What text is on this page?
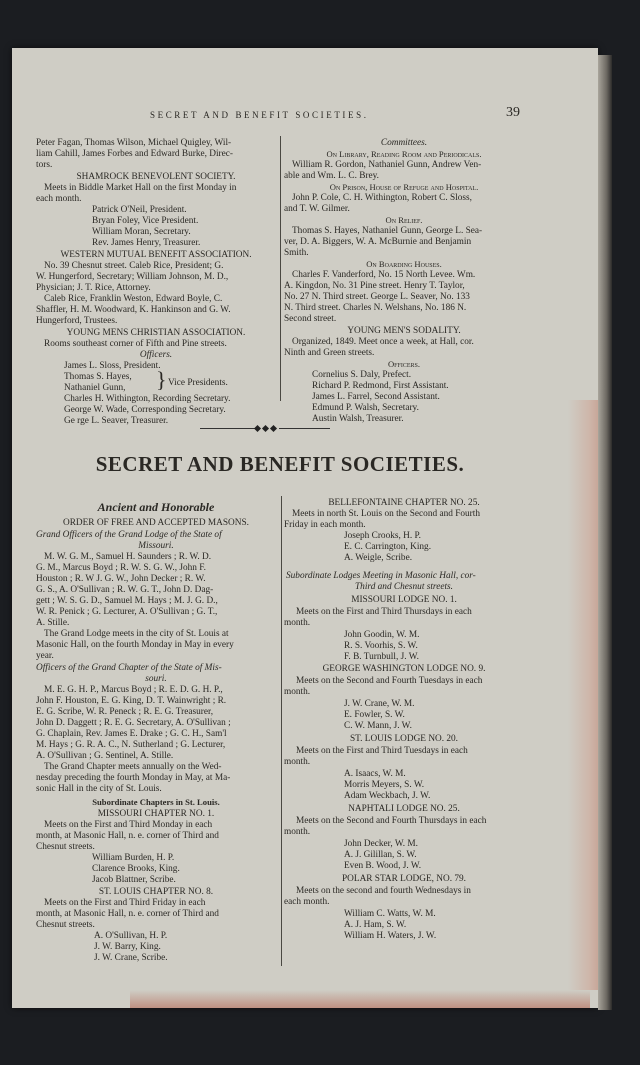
SECRET AND BENEFIT SOCIETIES.	39

Peter Fagan, Thomas Wilson, Michael Quigley, Wil-

liam Cahill, James Forbes and Edward Burke, Direc-

tors.

SHAMROCK BENEVOLENT SOCIETY.

Meets in Biddle Market Hall on the first Monday in

each month.

Patrick O'Neil, President.

Bryan Foley, Vice President.

William Moran, Secretary.

Rev. James Henry, Treasurer.

WESTERN MUTUAL BENEFIT ASSOCIATION.

No. 39 Chesnut street. Caleb Rice, President; G.

W. Hungerford, Secretary; William Johnson, M. D.,

Physician; J. T. Rice, Attorney.

Caleb Rice, Franklin Weston, Edward Boyle, C.

Shaffler, H. M. Woodward, K. Hankinson and G. W.

Hungerford, Trustees.

YOUNG MENS CHRISTIAN ASSOCIATION.

Rooms southeast corner of Fifth and Pine streets.

Officers.

James L. Sloss, President.

Thomas S. Hayes,

Nathaniel Gunn, } Vice Presidents.

Charles H. Withington, Recording Secretary.

George W. Wade, Corresponding Secretary.

Ge rge L. Seaver, Treasurer.

Committees.

On Library, Reading Room and Periodicals.

William R. Gordon, Nathaniel Gunn, Andrew Ven-

able and Wm. L. C. Brey.

On Prison, House of Refuge and Hospital.

John P. Cole, C. H. Withington, Robert C. Sloss,

and T. W. Gilmer.

On Relief.

Thomas S. Hayes, Nathaniel Gunn, George L. Sea-

ver, D. A. Biggers, W. A. McBurnie and Benjamin

Smith.

On Boarding Houses.

Charles F. Vanderford, No. 15 North Levee. Wm.

A. Kingdon, No. 31 Pine street. Henry T. Taylor,

No. 27 N. Third street. George L. Seaver, No. 133

N. Third street. Charles N. Welshans, No. 186 N.

Second street.

YOUNG MEN'S SODALITY.

Organized, 1849. Meet once a week, at Hall, cor.

Ninth and Green streets.

Officers.

Cornelius S. Daly, Prefect.

Richard P. Redmond, First Assistant.

James L. Farrel, Second Assistant.

Edmund P. Walsh, Secretary.

Austin Walsh, Treasurer.

SECRET AND BENEFIT SOCIETIES.

Ancient and Honorable

ORDER OF FREE AND ACCEPTED MASONS.

Grand Officers of the Grand Lodge of the State of

Missouri.

M. W. G. M., Samuel H. Saunders ; R. W. D.

G. M., Marcus Boyd ; R. W. S. G. W., John F.

Houston ; R. W J. G. W., John Decker ; R. W.

G. S., A. O'Sullivan ; R. W. G. T., John D. Dag-

gett ; W. S. G. D., Samuel M. Hays ; M. J. G. D.,

W. R. Penick ; G. Lecturer, A. O'Sullivan ; G. T.,

A. Stille.

The Grand Lodge meets in the city of St. Louis at

Masonic Hall, on the fourth Monday in May in every

year.

Officers of the Grand Chapter of the State of Mis-

souri.

M. E. G. H. P., Marcus Boyd ; R. E. D. G. H. P.,

John F. Houston, E. G. King, D. T. Wainwright ; R.

E. G. Scribe, W. R. Peneck ; R. E. G. Treasurer,

John D. Daggett ; R. E. G. Secretary, A. O'Sullivan ;

G. Chaplain, Rev. James E. Drake ; G. C. H., Sam'l

M. Hays ; G. R. A. C., N. Sutherland ; G. Lecturer,

A. O'Sullivan ; G. Sentinel, A. Stille.

The Grand Chapter meets annually on the Wed-

nesday preceding the fourth Monday in May, at Ma-

sonic Hall in the city of St. Louis.

Subordinate Chapters in St. Louis.

MISSOURI CHAPTER NO. 1.

Meets on the First and Third Monday in each

month, at Masonic Hall, n. e. corner of Third and

Chesnut streets.

William Burden, H. P.

Clarence Brooks, King.

Jacob Blattner, Scribe.

ST. LOUIS CHAPTER NO. 8.

Meets on the First and Third Friday in each

month, at Masonic Hall, n. e. corner of Third and

Chesnut streets.

A. O'Sullivan, H. P.

J. W. Barry, King.

J. W. Crane, Scribe.

BELLEFONTAINE CHAPTER NO. 25.

Meets in north St. Louis on the Second and Fourth

Friday in each month.

Joseph Crooks, H. P.

E. C. Carrington, King.

A. Weigle, Scribe.

Subordinate Lodges Meeting in Masonic Hall, cor-

Third and Chesnut streets.

MISSOURI LODGE NO. 1.

Meets on the First and Third Thursdays in each

month.

John Goodin, W. M.

R. S. Voorhis, S. W.

F. B. Turnbull, J. W.

GEORGE WASHINGTON LODGE NO. 9.

Meets on the Second and Fourth Tuesdays in each

month.

J. W. Crane, W. M.

E. Fowler, S. W.

C. W. Mann, J. W.

ST. LOUIS LODGE NO. 20.

Meets on the First and Third Tuesdays in each

month.

A. Isaacs, W. M.

Morris Meyers, S. W.

Adam Weckbach, J. W.

NAPHTALI LODGE NO. 25.

Meets on the Second and Fourth Thursdays in each

month.

John Decker, W. M.

A. J. Gilillan, S. W.

Even B. Wood, J. W.

POLAR STAR LODGE, NO. 79.

Meets on the second and fourth Wednesdays in

each month.

William C. Watts, W. M.

A. J. Ham, S. W.

William H. Waters, J. W.
